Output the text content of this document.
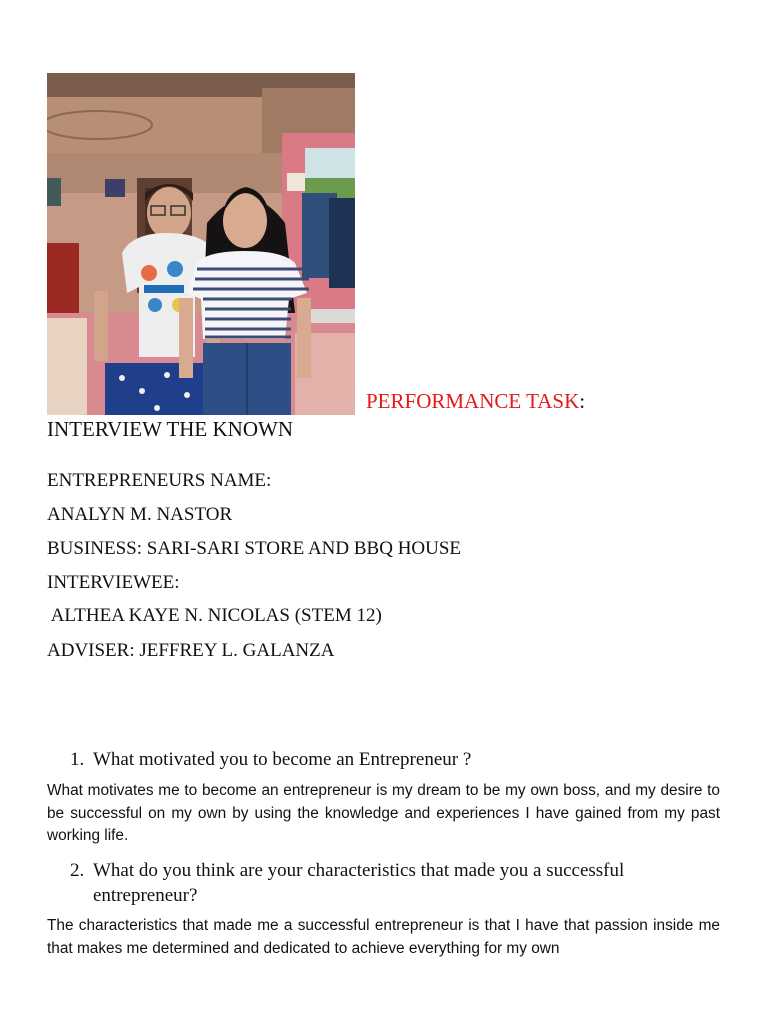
PERFORMANCE TASK:
INTERVIEW THE KNOWN
ENTREPRENEURS NAME:
ANALYN M. NASTOR
BUSINESS: SARI-SARI STORE AND BBQ HOUSE
INTERVIEWEE:
ALTHEA KAYE N. NICOLAS (STEM 12)
ADVISER: JEFFREY L. GALANZA
1. What motivated you to become an Entrepreneur ?
What motivates me to become an entrepreneur is my dream to be my own boss, and my desire to be successful on my own by using the knowledge and experiences I have gained from my past working life.
2. What do you think are your characteristics that made you a successful entrepreneur?
The characteristics that made me a successful entrepreneur is that I have that passion inside me that makes me determined and dedicated to achieve everything for my own
